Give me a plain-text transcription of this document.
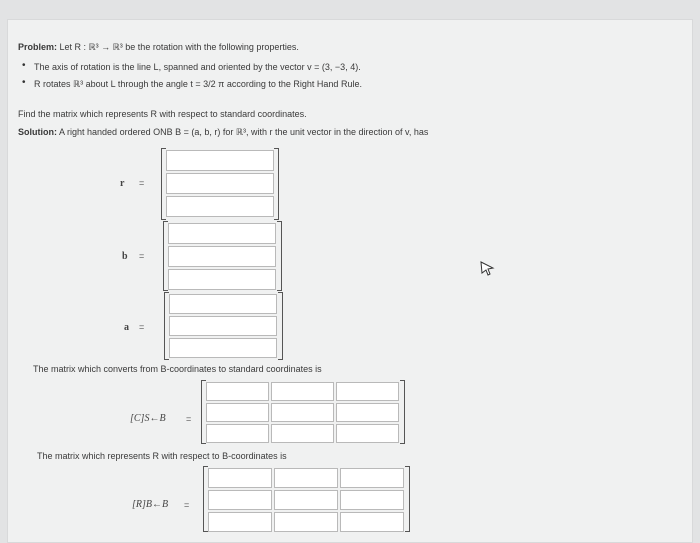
Problem: Let R : ℝ³ → ℝ³ be the rotation with the following properties.
• The axis of rotation is the line L, spanned and oriented by the vector v = (3, −3, 4).
• R rotates ℝ³ about L through the angle t = 3/2 π according to the Right Hand Rule.
Find the matrix which represents R with respect to standard coordinates.
Solution: A right handed ordered ONB B = (a, b, r) for ℝ³, with r the unit vector in the direction of v, has
r =
b =
a =
The matrix which converts from B-coordinates to standard coordinates is
[C]S←B =
The matrix which represents R with respect to B-coordinates is
[R]B←B =
